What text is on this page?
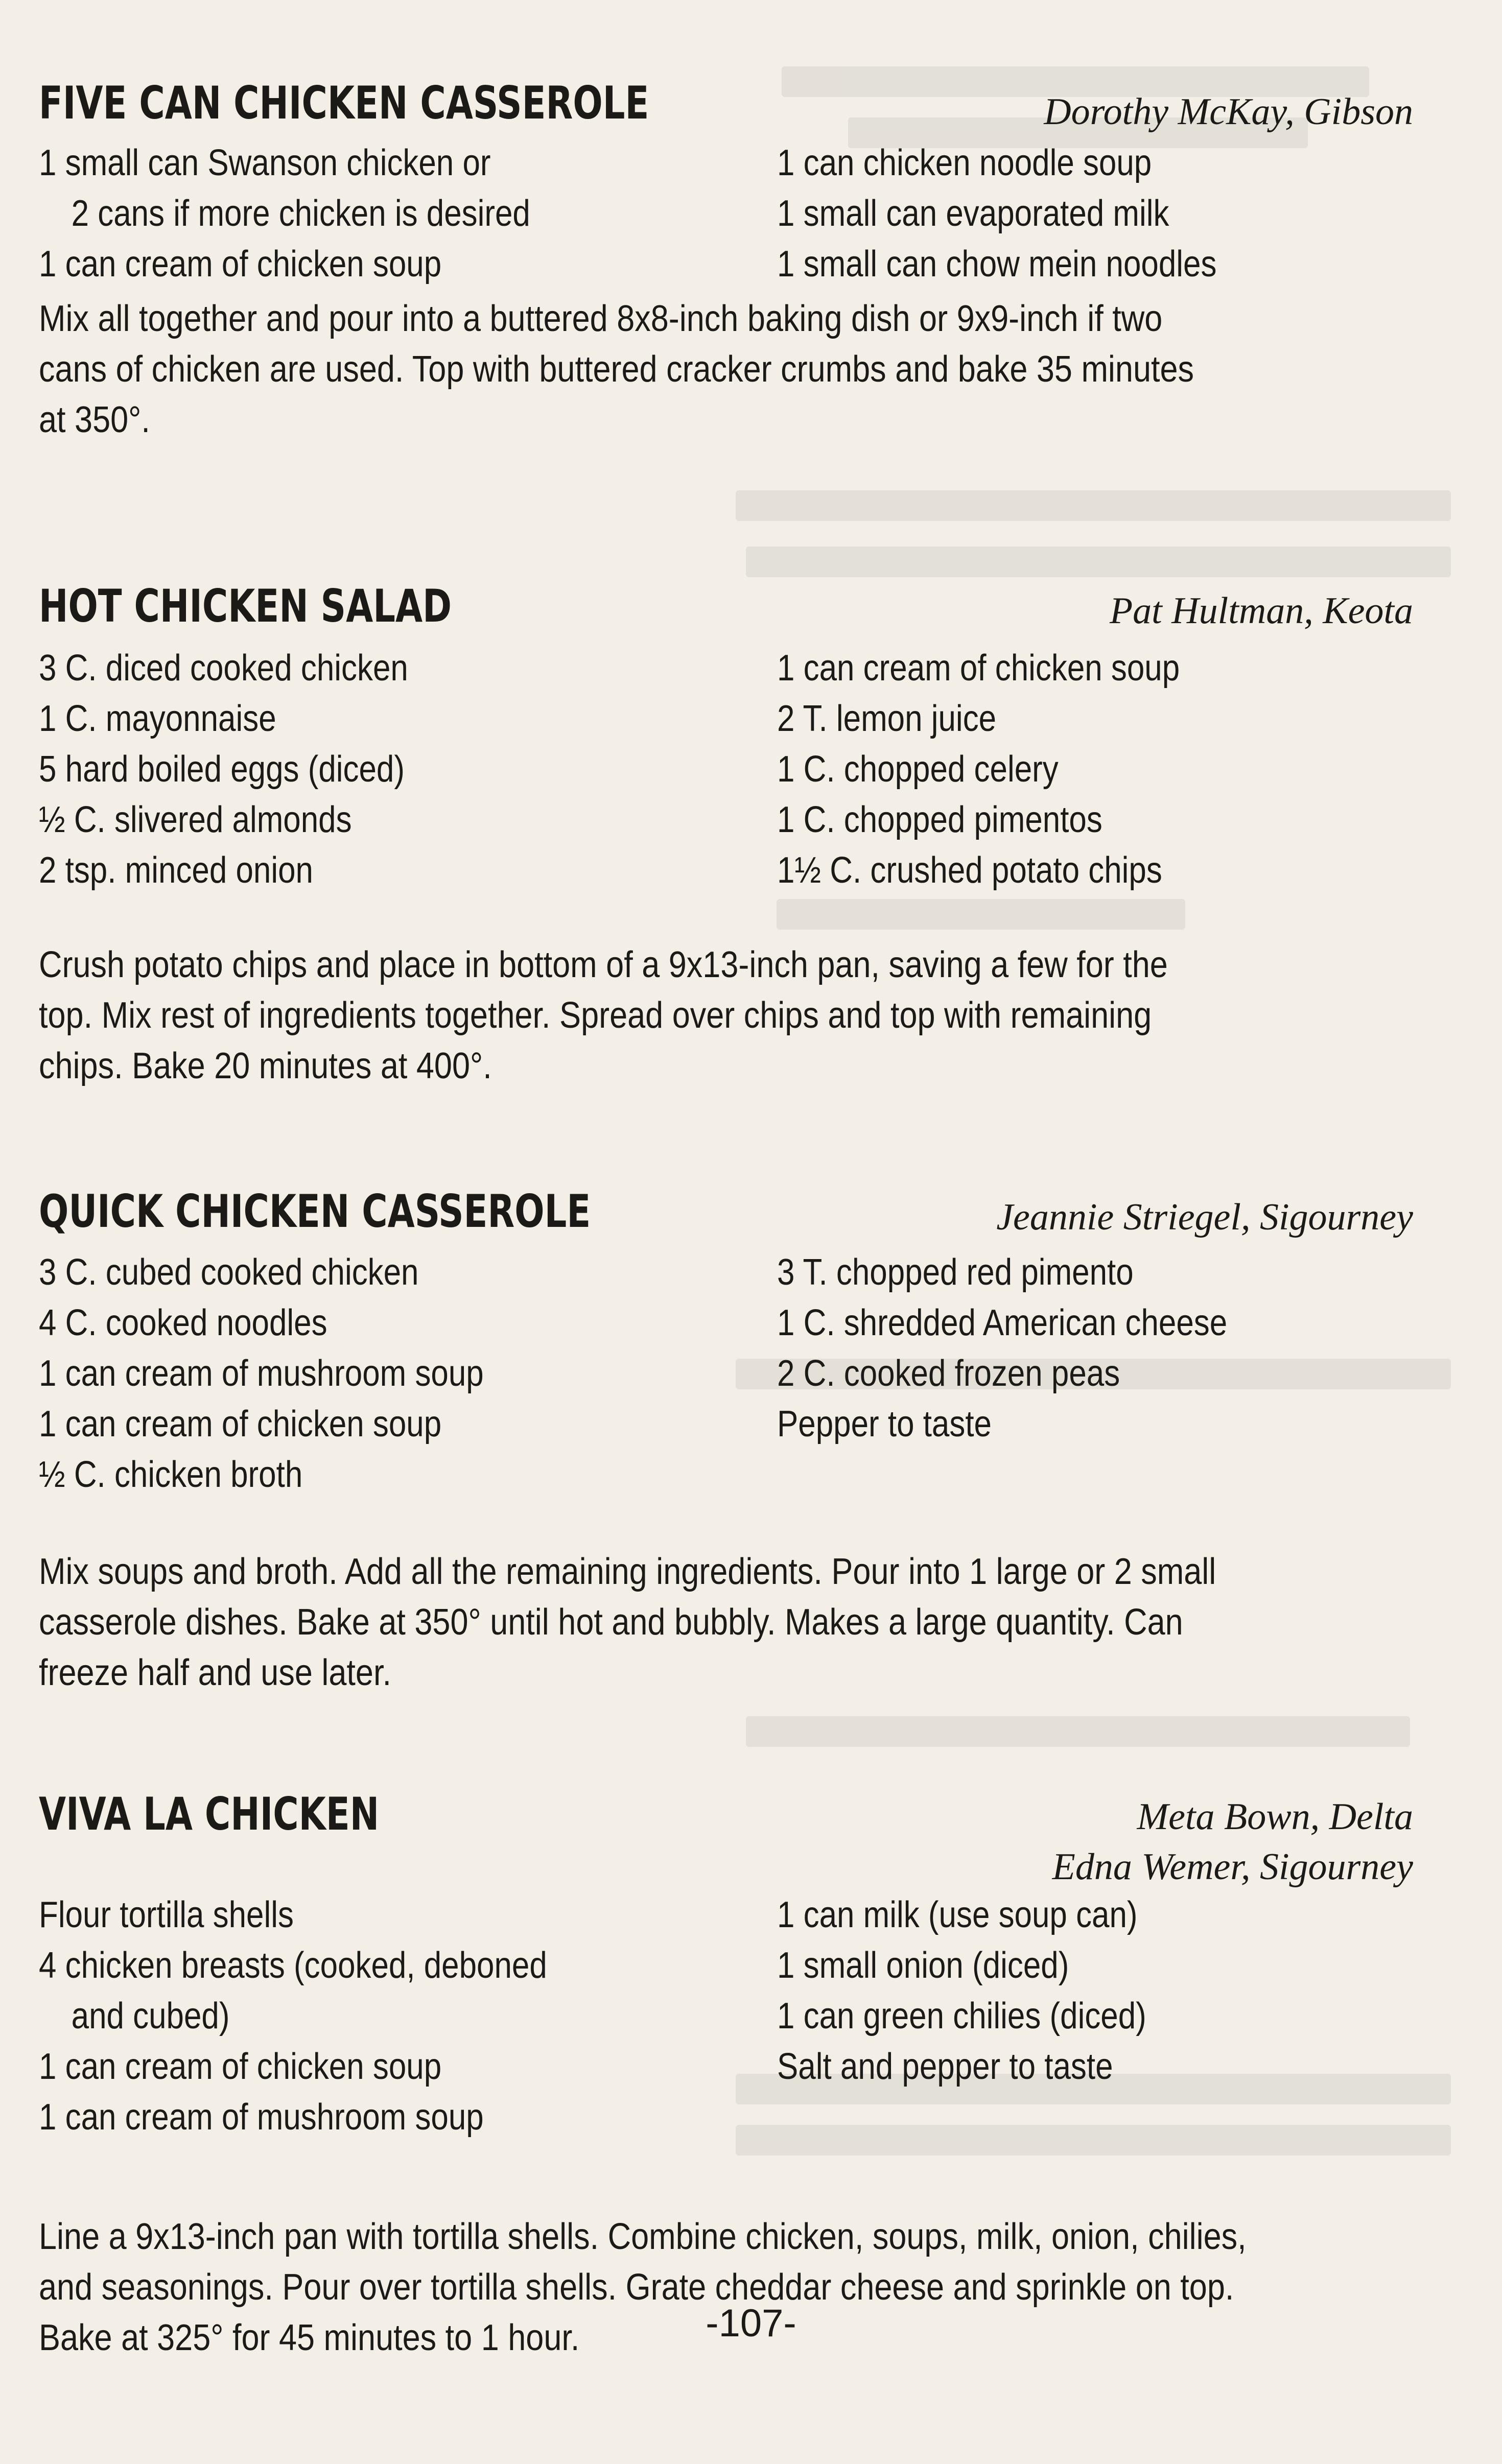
FIVE CAN CHICKEN CASSEROLE	Dorothy McKay, Gibson
1 small can Swanson chicken or
2 cans if more chicken is desired
1 can cream of chicken soup
1 can chicken noodle soup
1 small can evaporated milk
1 small can chow mein noodles
Mix all together and pour into a buttered 8x8-inch baking dish or 9x9-inch if two
cans of chicken are used. Top with buttered cracker crumbs and bake 35 minutes
at 350°.
HOT CHICKEN SALAD	Pat Hultman, Keota
3 C. diced cooked chicken
1 C. mayonnaise
5 hard boiled eggs (diced)
½ C. slivered almonds
2 tsp. minced onion
1 can cream of chicken soup
2 T. lemon juice
1 C. chopped celery
1 C. chopped pimentos
1½ C. crushed potato chips
Crush potato chips and place in bottom of a 9x13-inch pan, saving a few for the
top. Mix rest of ingredients together. Spread over chips and top with remaining
chips. Bake 20 minutes at 400°.
QUICK CHICKEN CASSEROLE	Jeannie Striegel, Sigourney
3 C. cubed cooked chicken
4 C. cooked noodles
1 can cream of mushroom soup
1 can cream of chicken soup
½ C. chicken broth
3 T. chopped red pimento
1 C. shredded American cheese
2 C. cooked frozen peas
Pepper to taste
Mix soups and broth. Add all the remaining ingredients. Pour into 1 large or 2 small
casserole dishes. Bake at 350° until hot and bubbly. Makes a large quantity. Can
freeze half and use later.
VIVA LA CHICKEN	Meta Bown, Delta
Edna Wemer, Sigourney
Flour tortilla shells
4 chicken breasts (cooked, deboned
and cubed)
1 can cream of chicken soup
1 can cream of mushroom soup
1 can milk (use soup can)
1 small onion (diced)
1 can green chilies (diced)
Salt and pepper to taste
Line a 9x13-inch pan with tortilla shells. Combine chicken, soups, milk, onion, chilies,
and seasonings. Pour over tortilla shells. Grate cheddar cheese and sprinkle on top.
Bake at 325° for 45 minutes to 1 hour.	-107-
